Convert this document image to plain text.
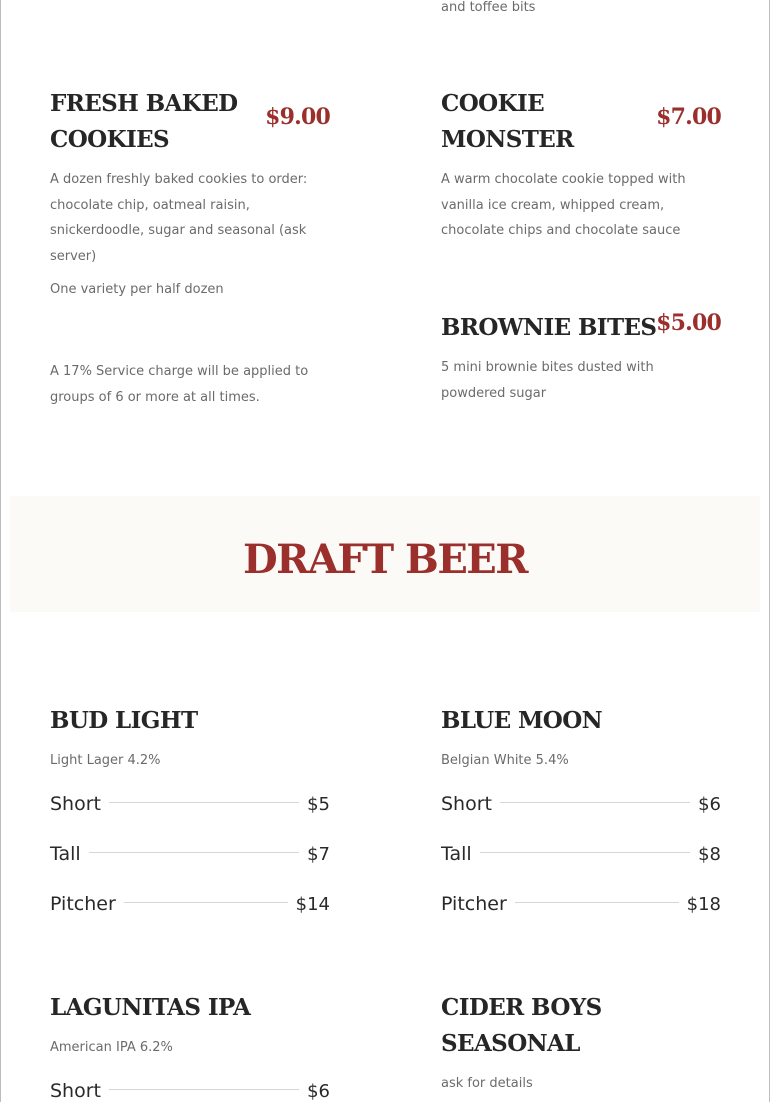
and toffee bits
FRESH BAKED
COOKIES
$9.00
A dozen freshly baked cookies to order:
chocolate chip, oatmeal raisin,
snickerdoodle, sugar and seasonal (ask
server)
One variety per half dozen
A 17% Service charge will be applied to
groups of 6 or more at all times.
COOKIE
MONSTER
$7.00
A warm chocolate cookie topped with
vanilla ice cream, whipped cream,
chocolate chips and chocolate sauce
BROWNIE BITES $5.00
5 mini brownie bites dusted with
powdered sugar
DRAFT BEER
BUD LIGHT
Light Lager 4.2%
Short	$5
Tall	$7
Pitcher	$14
BLUE MOON
Belgian White 5.4%
Short	$6
Tall	$8
Pitcher	$18
LAGUNITAS IPA
American IPA 6.2%
Short	$6
CIDER BOYS
SEASONAL
ask for details
